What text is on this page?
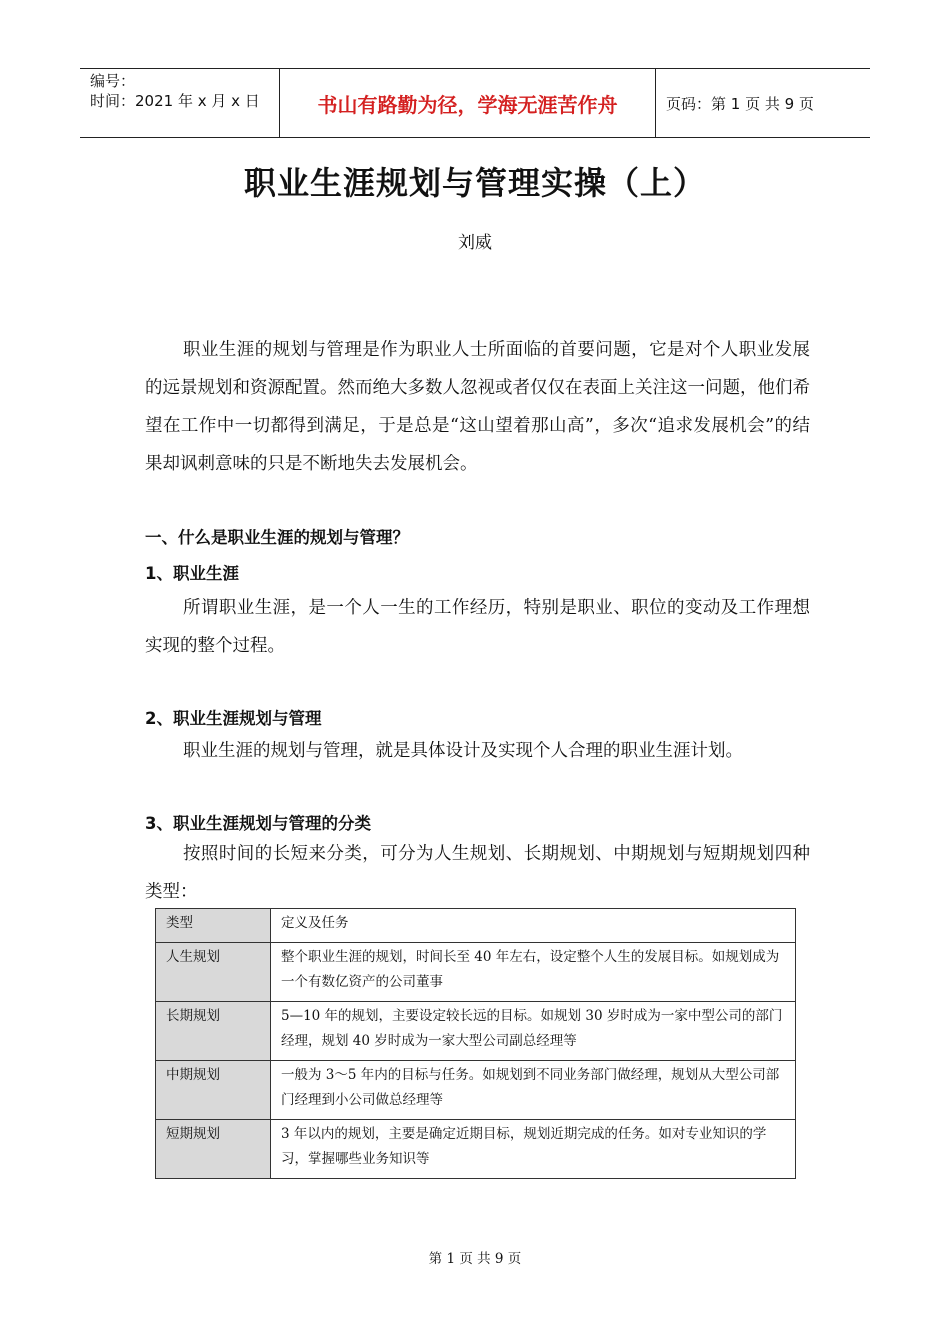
编号：
时间：2021 年 x 月 x 日	书山有路勤为径，学海无涯苦作舟	页码：第 1 页 共 9 页
职业生涯规划与管理实操（上）
刘威

职业生涯的规划与管理是作为职业人士所面临的首要问题，它是对个人职业发展的远景规划和资源配置。然而绝大多数人忽视或者仅仅在表面上关注这一问题，他们希望在工作中一切都得到满足，于是总是“这山望着那山高”，多次“追求发展机会”的结果却讽刺意味的只是不断地失去发展机会。

一、什么是职业生涯的规划与管理？

1、职业生涯

所谓职业生涯，是一个人一生的工作经历，特别是职业、职位的变动及工作理想实现的整个过程。

2、职业生涯规划与管理

职业生涯的规划与管理，就是具体设计及实现个人合理的职业生涯计划。

3、职业生涯规划与管理的分类

按照时间的长短来分类，可分为人生规划、长期规划、中期规划与短期规划四种类型：

类型	定义及任务
人生规划	整个职业生涯的规划，时间长至 40 年左右，设定整个人生的发展目标。如规划成为一个有数亿资产的公司董事
长期规划	5—10 年的规划，主要设定较长远的目标。如规划 30 岁时成为一家中型公司的部门经理，规划 40 岁时成为一家大型公司副总经理等
中期规划	一般为 3～5 年内的目标与任务。如规划到不同业务部门做经理，规划从大型公司部门经理到小公司做总经理等
短期规划	3 年以内的规划，主要是确定近期目标，规划近期完成的任务。如对专业知识的学习，掌握哪些业务知识等
第 1 页 共 9 页
